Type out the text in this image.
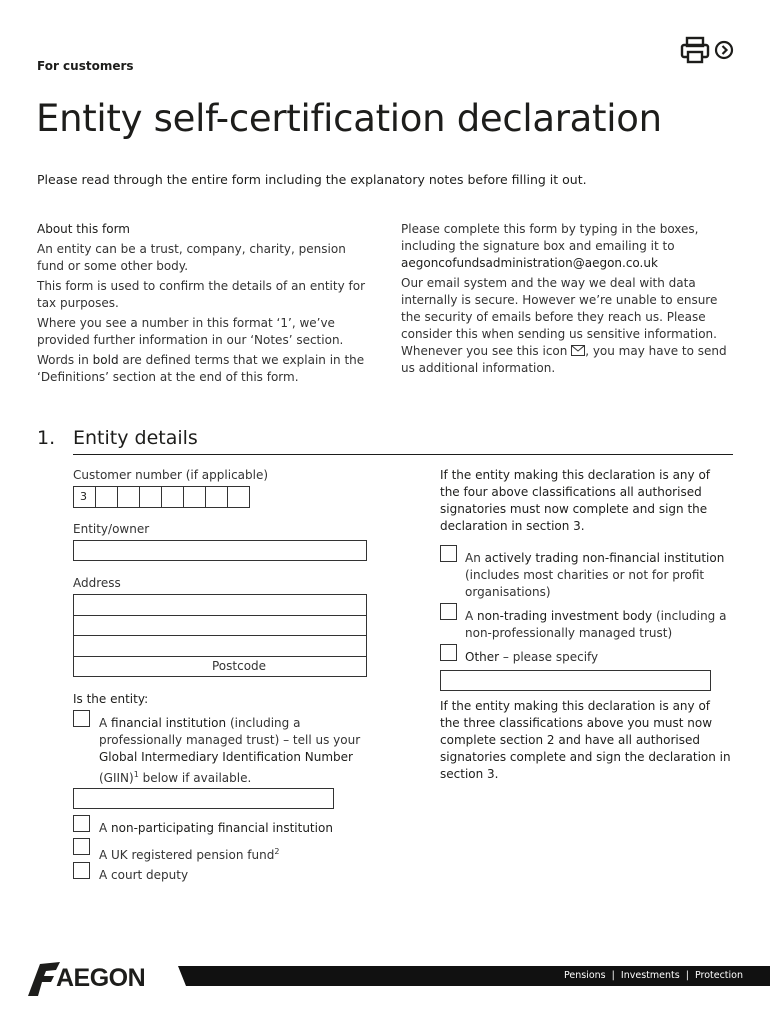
For customers
Entity self-certification declaration
Please read through the entire form including the explanatory notes before filling it out.

About this form

An entity can be a trust, company, charity, pension fund or some other body.

This form is used to confirm the details of an entity for tax purposes.

Where you see a number in this format ‘1’, we’ve provided further information in our ‘Notes’ section.

Words in bold are defined terms that we explain in the ‘Definitions’ section at the end of this form.

Please complete this form by typing in the boxes, including the signature box and emailing it to

aegoncofundsadministration@aegon.co.uk

Our email system and the way we deal with data internally is secure. However we’re unable to ensure the security of emails before they reach us. Please consider this when sending us sensitive information. Whenever you see this icon , you may have to send us additional information.

1. Entity details
Customer number (if applicable)
3
Entity/owner
Address
Postcode
Is the entity:
A financial institution (including a professionally managed trust) – tell us your Global Intermediary Identification Number (GIIN)$^1$ below if available.
A non-participating financial institution
A UK registered pension fund$^2$
A court deputy
If the entity making this declaration is any of the four above classifications all authorised signatories must now complete and sign the declaration in section 3.
An actively trading non-financial institution (includes most charities or not for profit organisations)
A non-trading investment body (including a non-professionally managed trust)
Other – please specify
If the entity making this declaration is any of the three classifications above you must now complete section 2 and have all authorised signatories complete and sign the declaration in section 3.
AEGON	Pensions  |  Investments  |  Protection
